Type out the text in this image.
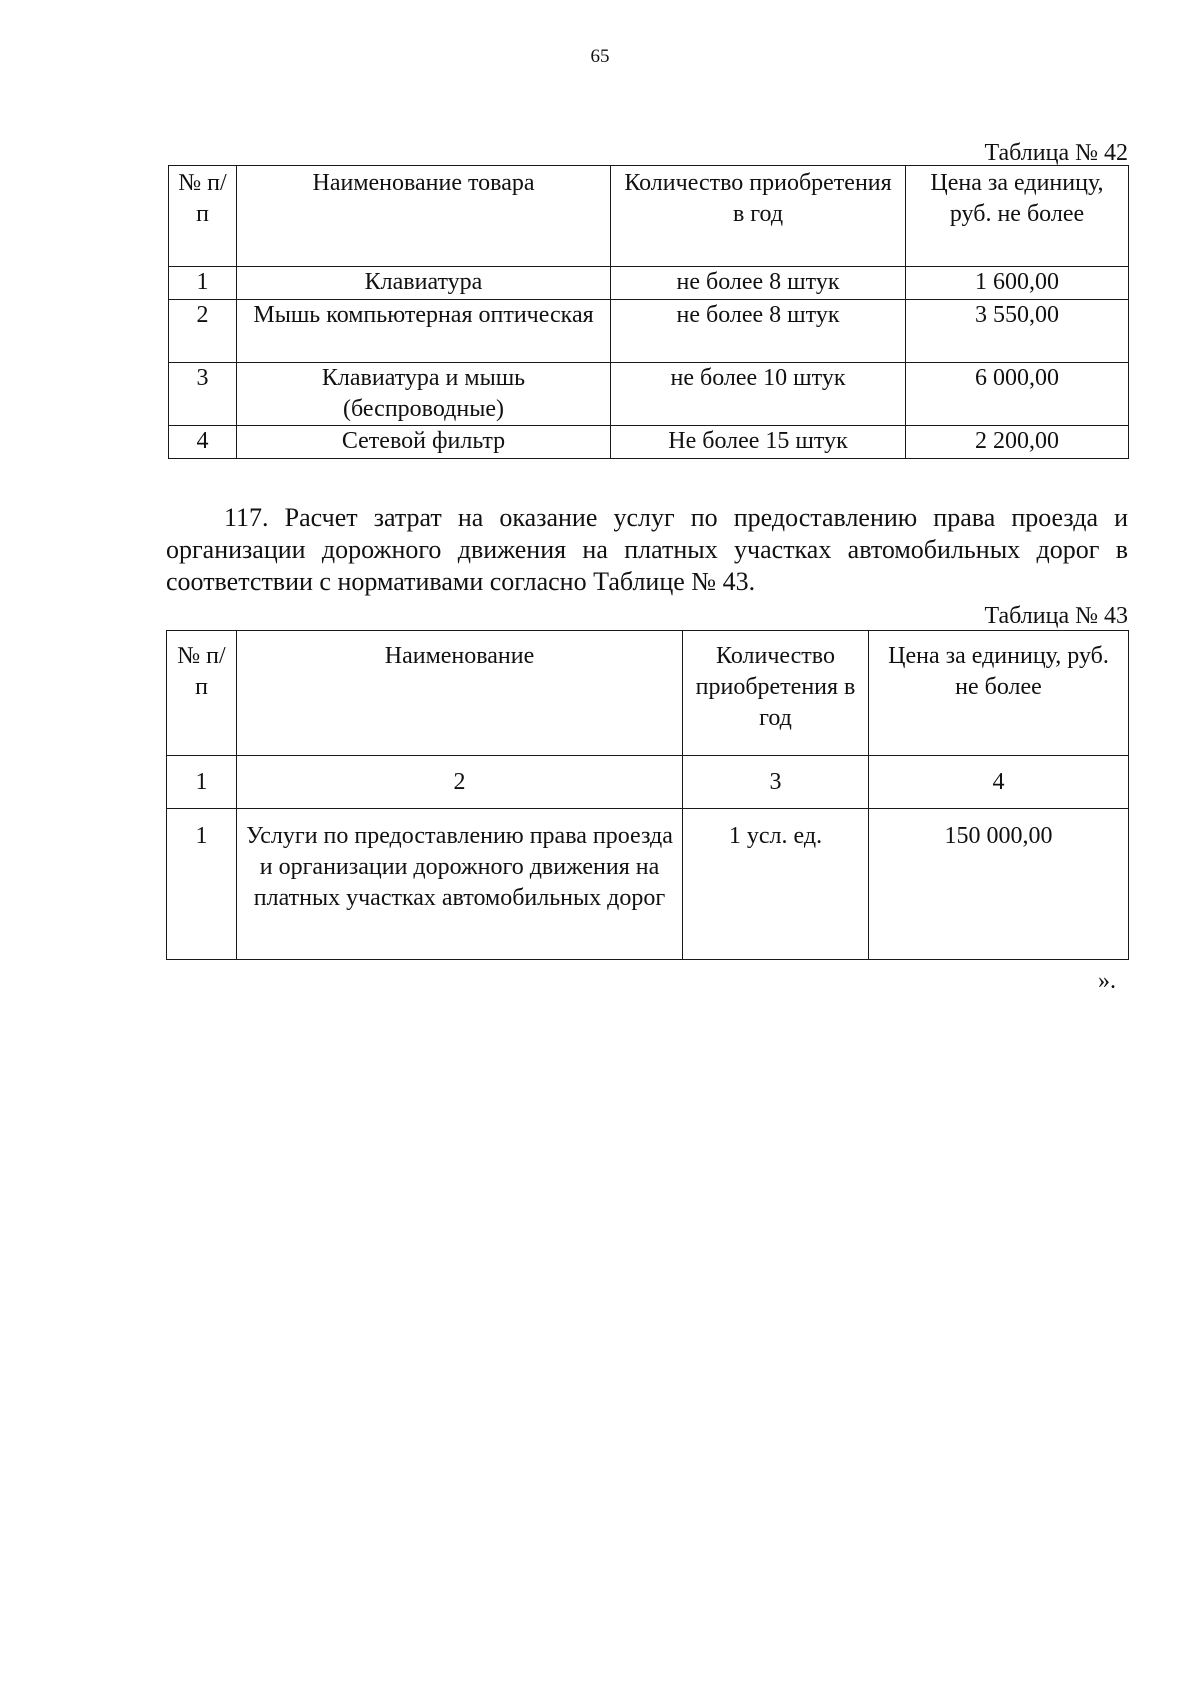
65
Таблица № 42
№ п/п	Наименование товара	Количество приобретения в год	Цена за единицу, руб. не более
1	Клавиатура	не более 8 штук	1 600,00
2	Мышь компьютерная оптическая	не более 8 штук	3 550,00
3	Клавиатура и мышь (беспроводные)	не более 10 штук	6 000,00
4	Сетевой фильтр	Не более 15 штук	2 200,00
117. Расчет затрат на оказание услуг по предоставлению права проезда и организации дорожного движения на платных участках автомобильных дорог в соответствии с нормативами согласно Таблице № 43.
Таблица № 43
№ п/п	Наименование	Количество приобретения в год	Цена за единицу, руб. не более
1	2	3	4
1	Услуги по предоставлению права проезда и организации дорожного движения на платных участках автомобильных дорог	1 усл. ед.	150 000,00
».
